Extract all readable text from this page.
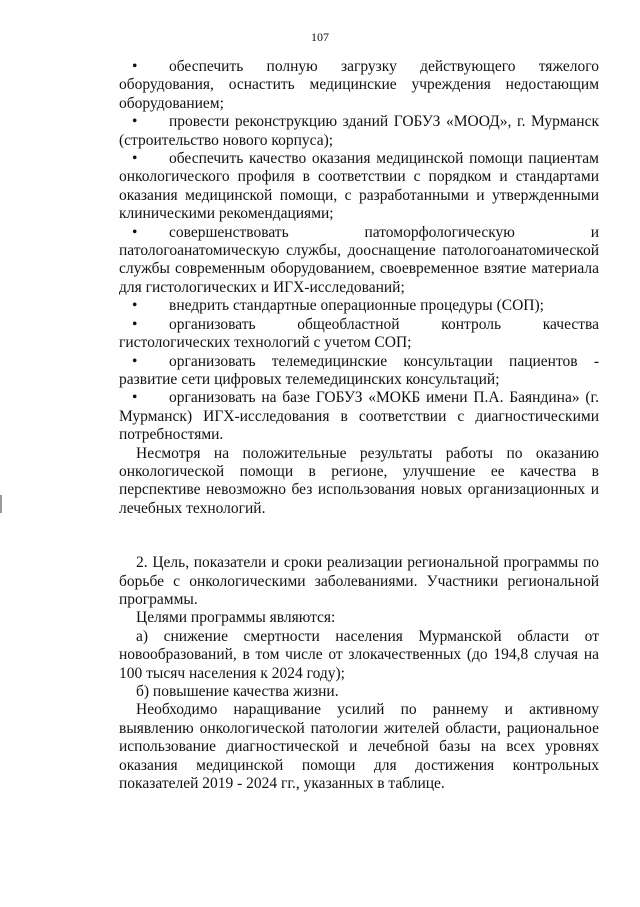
107
• обеспечить полную загрузку действующего тяжелого оборудования, оснастить медицинские учреждения недостающим оборудованием;
• провести реконструкцию зданий ГОБУЗ «МООД», г. Мурманск (строительство нового корпуса);
• обеспечить качество оказания медицинской помощи пациентам онкологического профиля в соответствии с порядком и стандартами оказания медицинской помощи, с разработанными и утвержденными клиническими рекомендациями;
• совершенствовать патоморфологическую и патологоанатомическую службы, дооснащение патологоанатомической службы современным оборудованием, своевременное взятие материала для гистологических и ИГХ-исследований;
• внедрить стандартные операционные процедуры (СОП);
• организовать общеобластной контроль качества гистологических технологий с учетом СОП;
• организовать телемедицинские консультации пациентов - развитие сети цифровых телемедицинских консультаций;
• организовать на базе ГОБУЗ «МОКБ имени П.А. Баяндина» (г. Мурманск) ИГХ-исследования в соответствии с диагностическими потребностями.

Несмотря на положительные результаты работы по оказанию онкологической помощи в регионе, улучшение ее качества в перспективе невозможно без использования новых организационных и лечебных технологий.

2. Цель, показатели и сроки реализации региональной программы по борьбе с онкологическими заболеваниями. Участники региональной программы.

Целями программы являются:

а) снижение смертности населения Мурманской области от новообразований, в том числе от злокачественных (до 194,8 случая на 100 тысяч населения к 2024 году);

б) повышение качества жизни.

Необходимо наращивание усилий по раннему и активному выявлению онкологической патологии жителей области, рациональное использование диагностической и лечебной базы на всех уровнях оказания медицинской помощи для достижения контрольных показателей 2019 - 2024 гг., указанных в таблице.
